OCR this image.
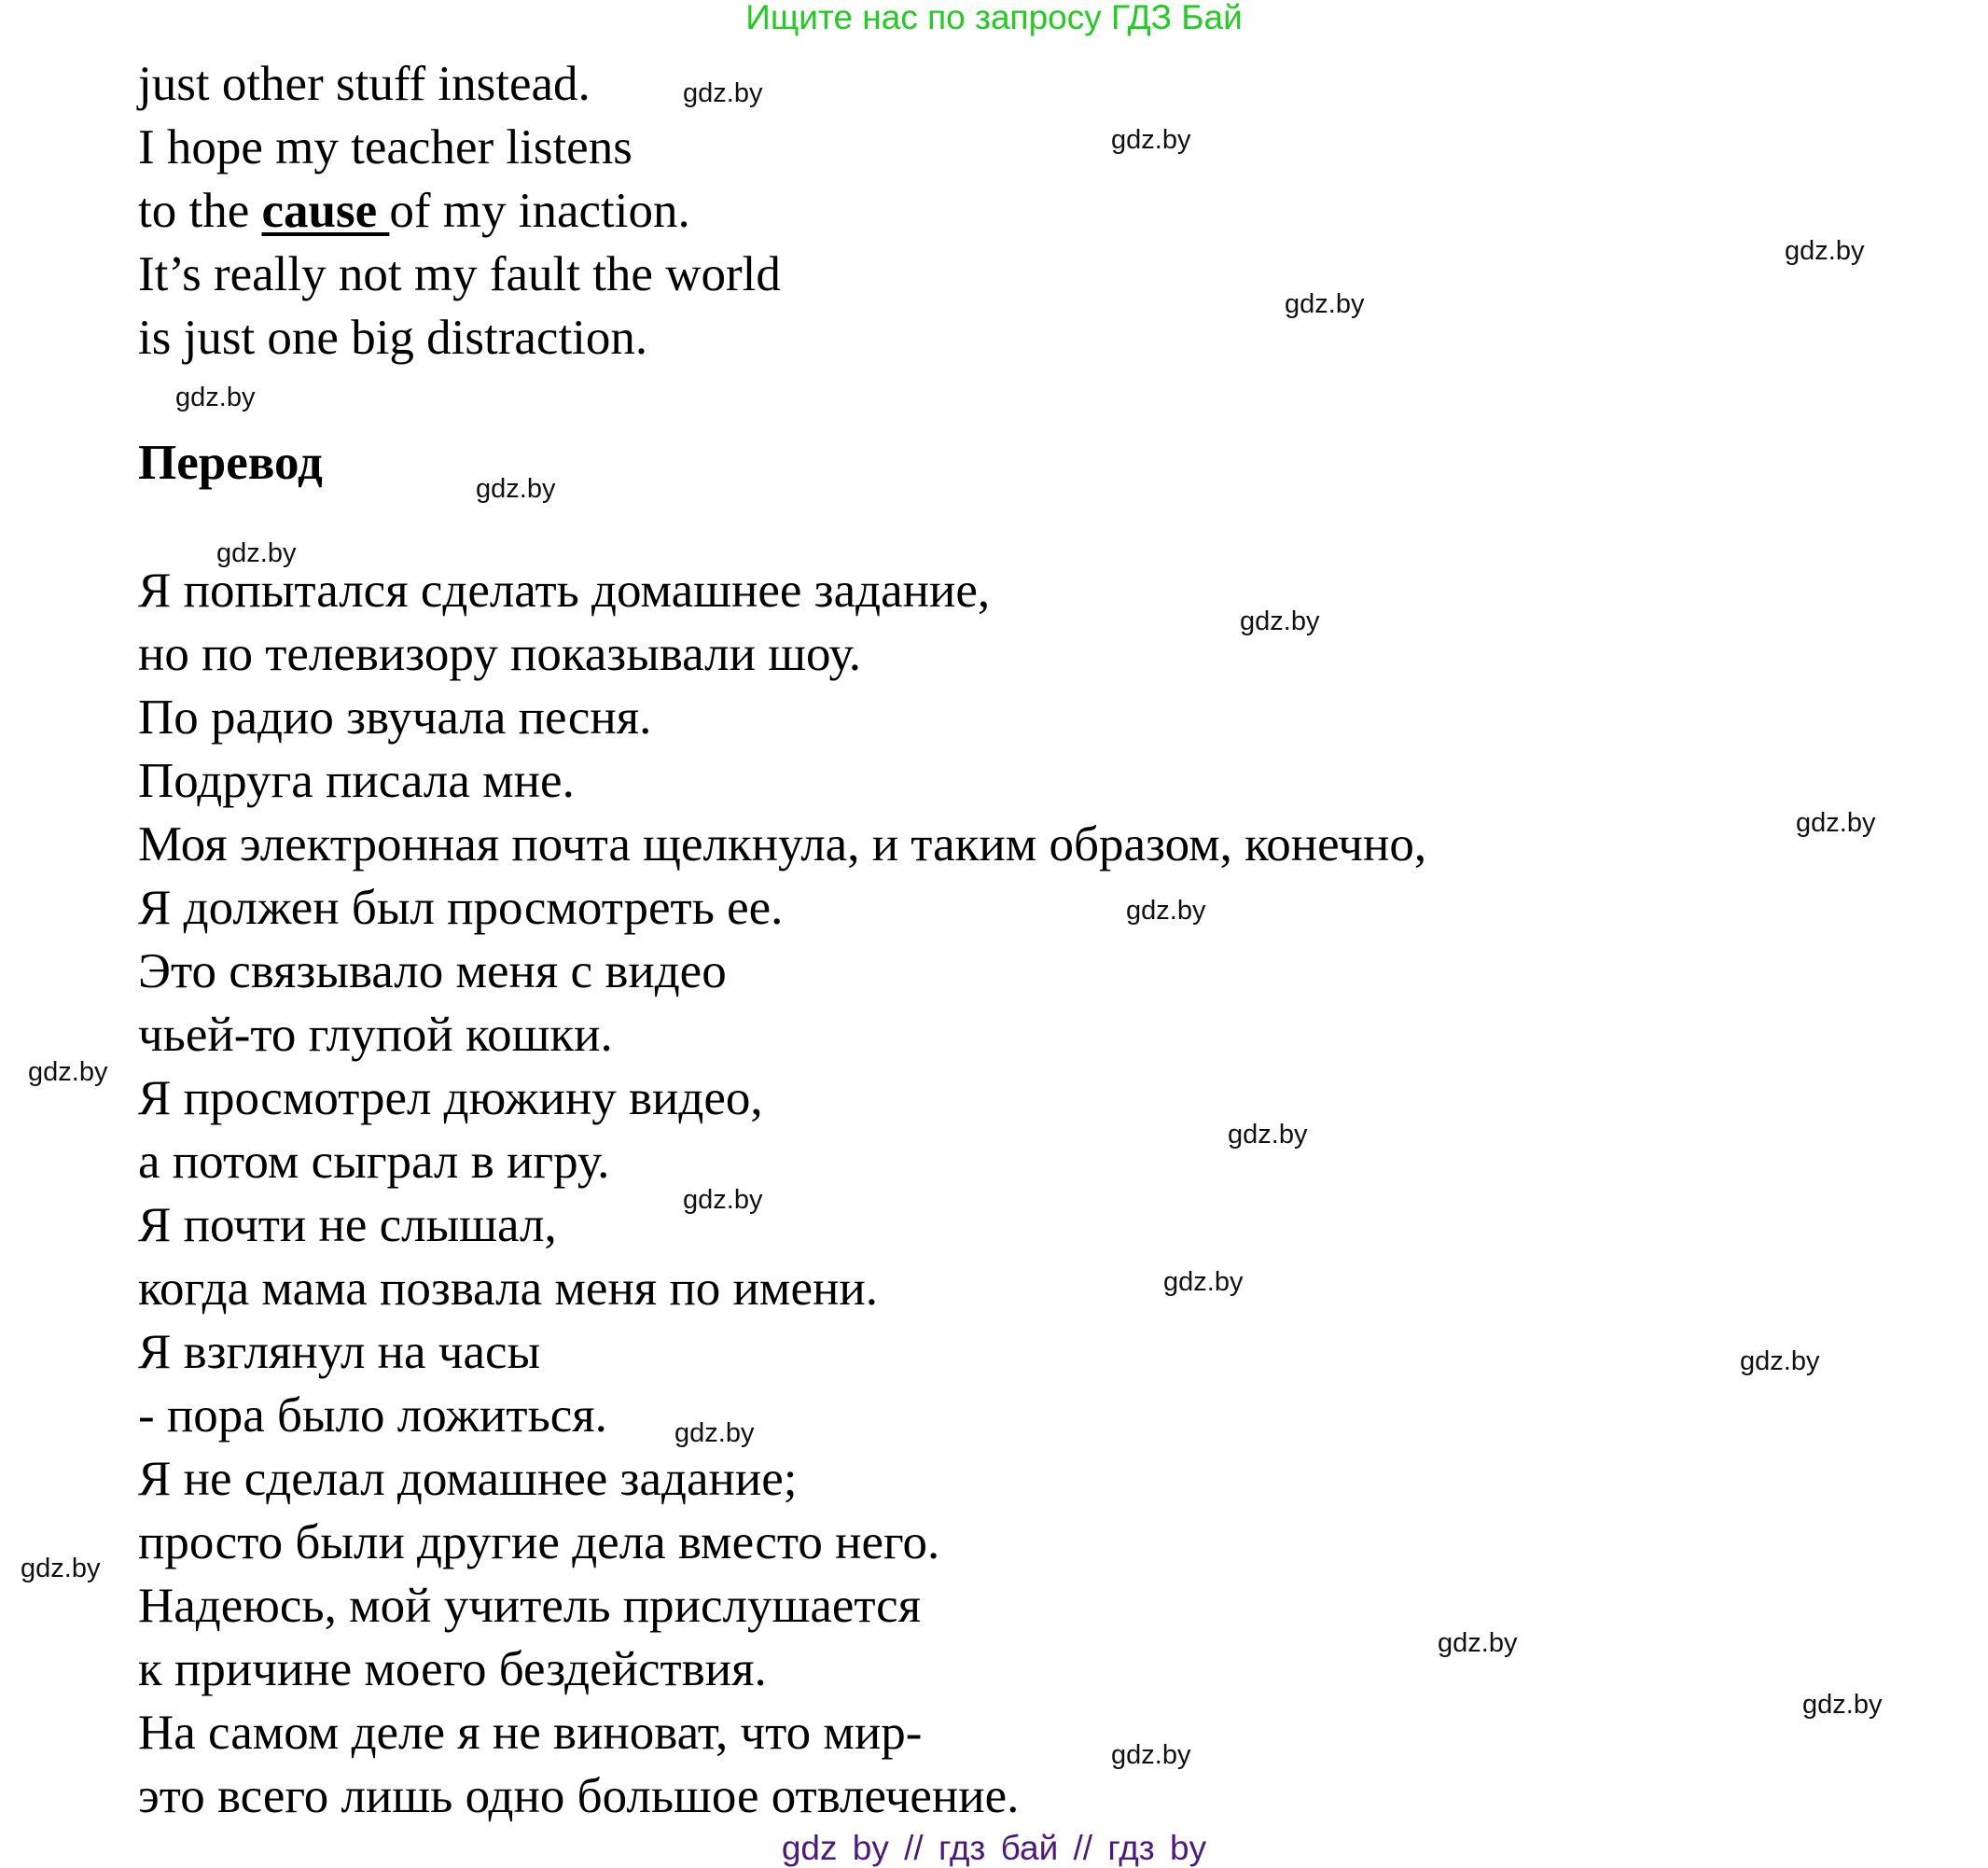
Ищите нас по запросу ГДЗ Бай
just other stuff instead.
I hope my teacher listens
to the cause of my inaction.
It’s really not my fault the world
is just one big distraction.
Перевод
Я попытался сделать домашнее задание,
но по телевизору показывали шоу.
По радио звучала песня.
Подруга писала мне.
Моя электронная почта щелкнула, и таким образом, конечно,
Я должен был просмотреть ее.
Это связывало меня с видео
чьей-то глупой кошки.
Я просмотрел дюжину видео,
а потом сыграл в игру.
Я почти не слышал,
когда мама позвала меня по имени.
Я взглянул на часы
- пора было ложиться.
Я не сделал домашнее задание;
просто были другие дела вместо него.
Надеюсь, мой учитель прислушается
к причине моего бездействия.
На самом деле я не виноват, что мир-
это всего лишь одно большое отвлечение.
gdz.by
gdz.by
gdz.by
gdz.by
gdz.by
gdz.by
gdz.by
gdz.by
gdz.by
gdz.by
gdz.by
gdz.by
gdz.by
gdz.by
gdz.by
gdz.by
gdz.by
gdz.by
gdz.by
gdz.by
gdz by // гдз бай // гдз by
